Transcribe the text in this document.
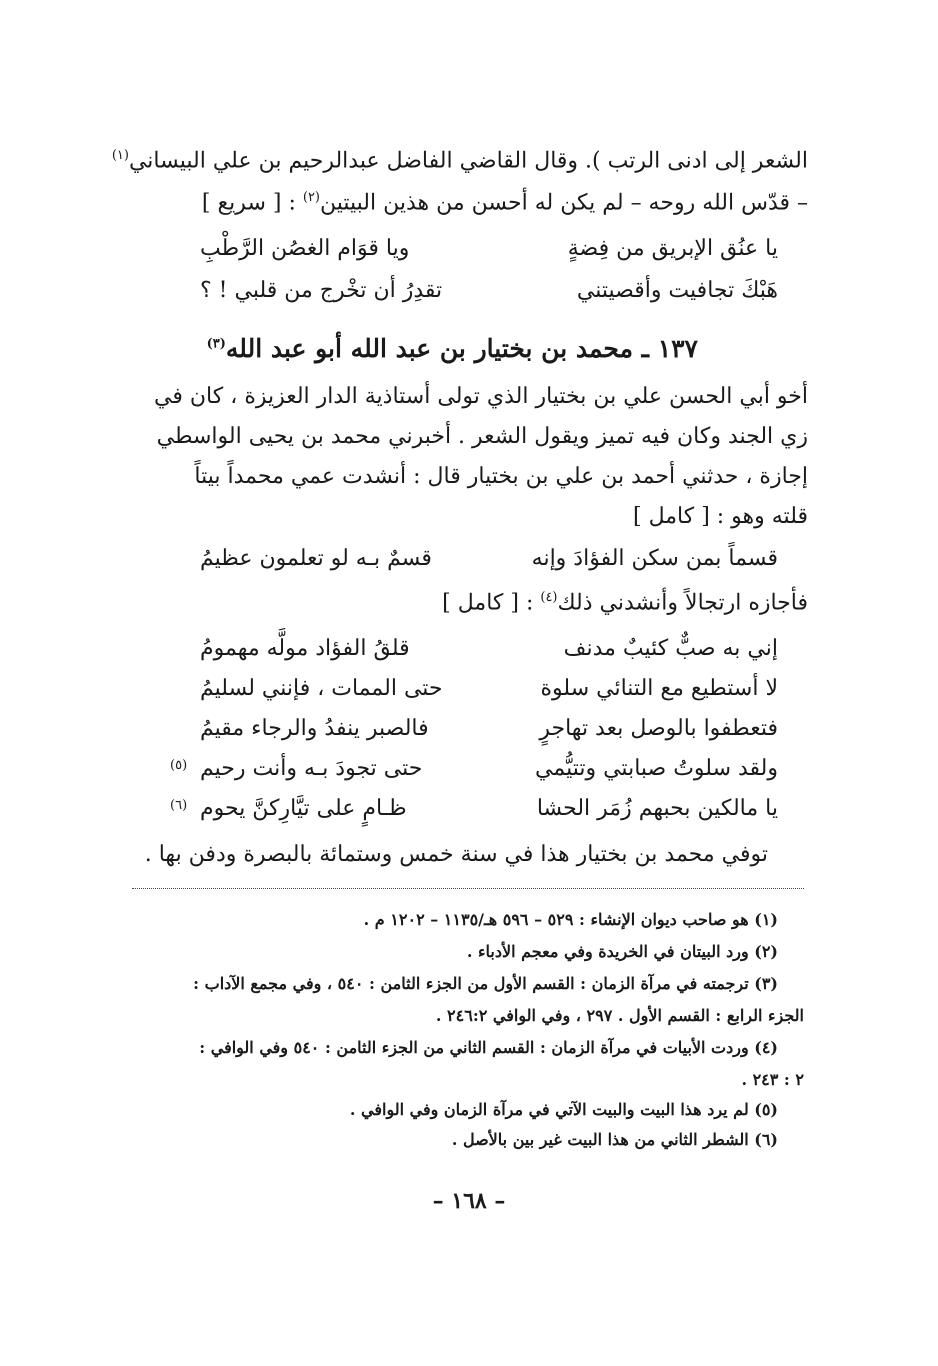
الشعر إلى ادنى الرتب ). وقال القاضي الفاضل عبدالرحيم بن علي البيساني$^{(١)}$
– قدّس الله روحه – لم يكن له أحسن من هذين البيتين$^{(٢)}$ : [ سريع ]
يا عنُق الإبريق من فِضةٍ
ويا قوَام الغصُن الرَّطْبِ
هَبْكَ تجافيت وأقصيتني
تقدِرُ أن تخْرج من قلبي ! ؟
١٣٧ ـ محمد بن بختيار بن عبد الله أبو عبد الله$^{(٣)}$
أخو أبي الحسن علي بن بختيار الذي تولى أستاذية الدار العزيزة ، كان في
زي الجند وكان فيه تميز ويقول الشعر . أخبرني محمد بن يحيى الواسطي
إجازة ، حدثني أحمد بن علي بن بختيار قال : أنشدت عمي محمداً بيتاً
قلته وهو : [ كامل ]
قسماً بمن سكن الفؤادَ وإنه
قسمٌ بـه لو تعلمون عظيمُ
فأجازه ارتجالاً وأنشدني ذلك$^{(٤)}$ : [ كامل ]
إني به صبٌّ كئيبٌ مدنف
قلقُ الفؤاد مولَّه مهمومُ
لا أستطيع مع التنائي سلوة
حتى الممات ، فإنني لسليمُ
فتعطفوا بالوصل بعد تهاجرٍ
فالصبر ينفدُ والرجاء مقيمُ
ولقد سلوتُ صبابتي وتتيُّمي
حتى تجودَ بـه وأنت رحيم
(٥)
يا مالكين بحبهم زُمَر الحشا
ظـامٍ على تيَّارِكنَّ يحوم
(٦)
توفي محمد بن بختيار هذا في سنة خمس وستمائة بالبصرة ودفن بها .
(١) هو صاحب ديوان الإنشاء : ٥٢٩ – ٥٩٦ هـ/١١٣٥ – ١٢٠٢ م .
(٢) ورد البيتان في الخريدة وفي معجم الأدباء .
(٣) ترجمته في مرآة الزمان : القسم الأول من الجزء الثامن : ٥٤٠ ، وفي مجمع الآداب :
الجزء الرابع : القسم الأول . ٢٩٧ ، وفي الوافي ٢٤٦:٢ .
(٤) وردت الأبيات في مرآة الزمان : القسم الثاني من الجزء الثامن : ٥٤٠ وفي الوافي :
٢ : ٢٤٣ .
(٥) لم يرد هذا البيت والبيت الآتي في مرآة الزمان وفي الوافي .
(٦) الشطر الثاني من هذا البيت غير بين بالأصل .
– ١٦٨ –
